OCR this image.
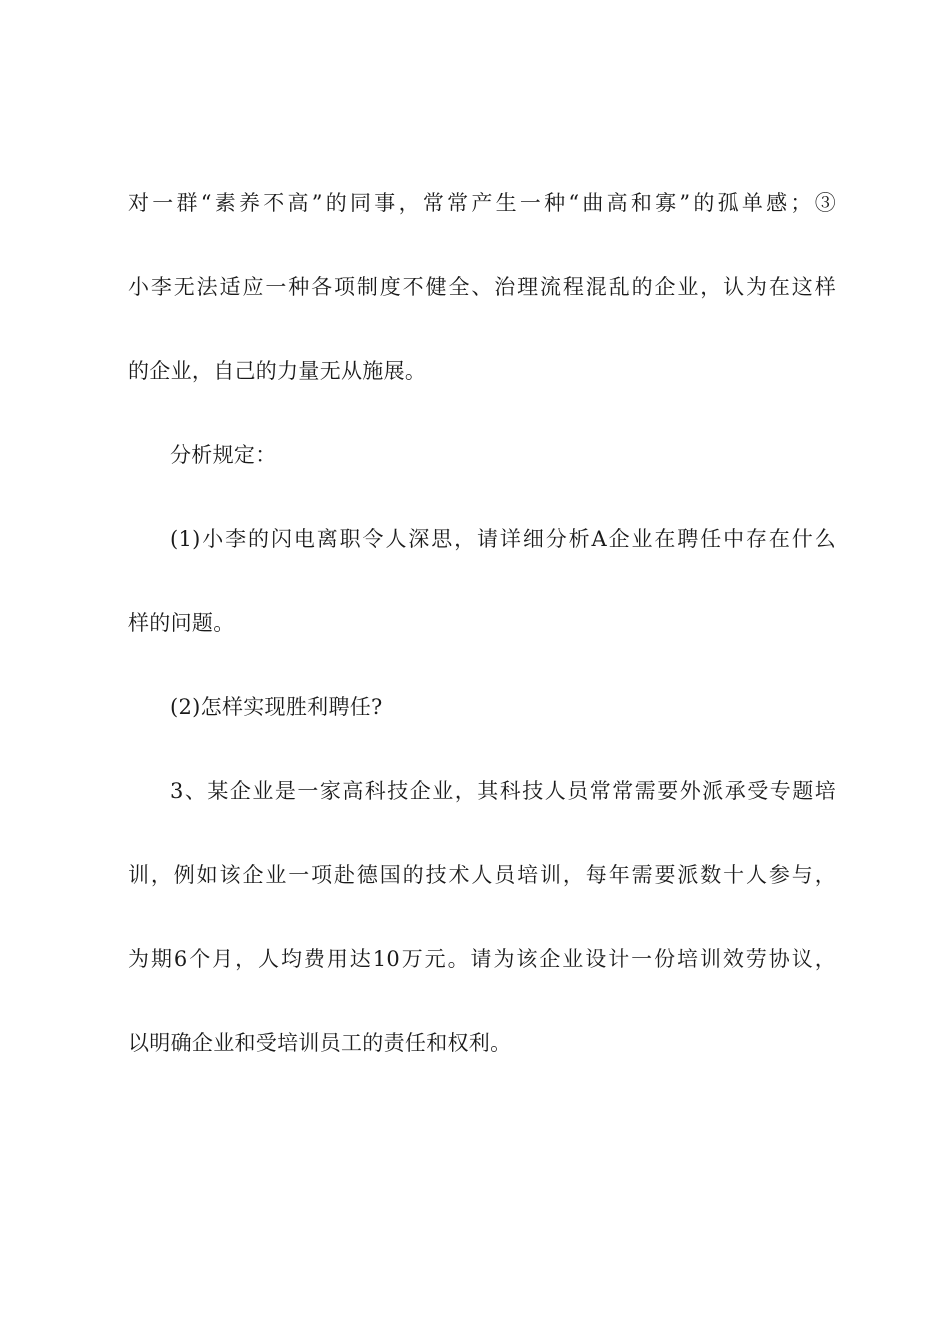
对一群“素养不高”的同事，常常产生一种“曲高和寡”的孤单感；③
小李无法适应一种各项制度不健全、治理流程混乱的企业，认为在这样
的企业，自己的力量无从施展。
分析规定：
(1)小李的闪电离职令人深思，请详细分析A企业在聘任中存在什么
样的问题。
(2)怎样实现胜利聘任?
3、某企业是一家高科技企业，其科技人员常常需要外派承受专题培
训，例如该企业一项赴德国的技术人员培训，每年需要派数十人参与，
为期6个月，人均费用达10万元。请为该企业设计一份培训效劳协议，
以明确企业和受培训员工的责任和权利。
